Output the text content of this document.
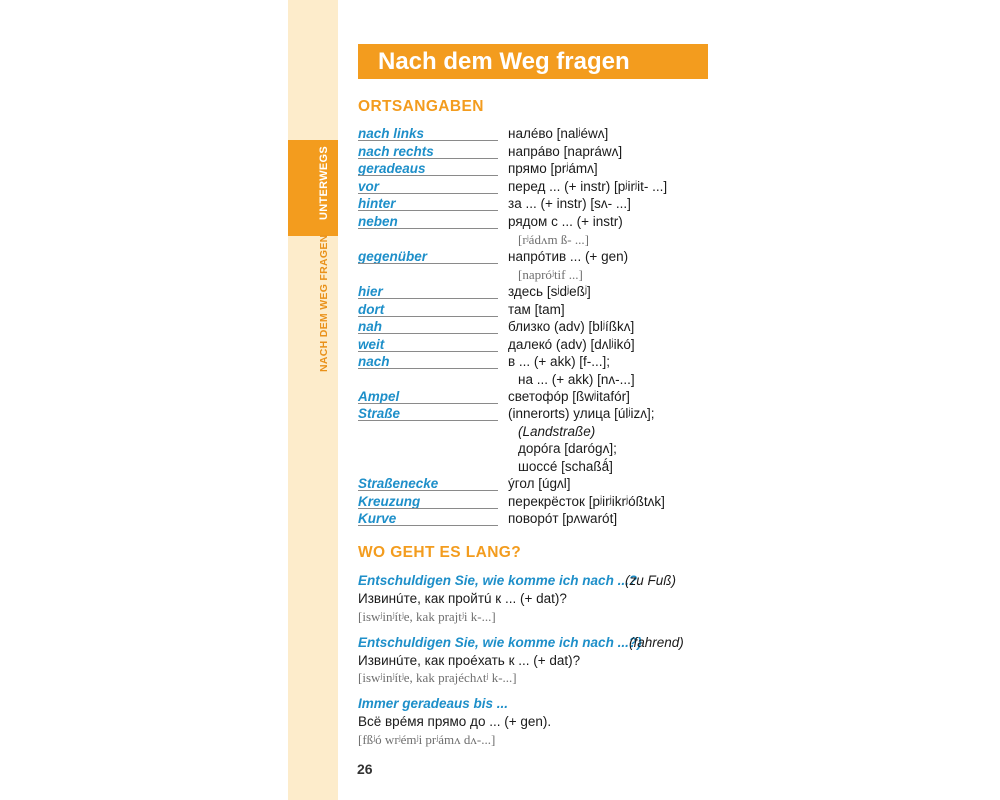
UNTERWEGS
NACH DEM WEG FRAGEN
Nach dem Weg fragen
ORTSANGABEN
nach links	налéво [nalʲéwʌ]
nach rechts	напрáво [napráwʌ]
geradeaus	прямо [prʲámʌ]
vor	перед ... (+ instr) [pʲirʲit- ...]
hinter	за ... (+ instr) [sʌ- ...]
neben	рядом с ... (+ instr)
[rʲádʌm ß- ...]
gegenüber	напрóтив ... (+ gen)
[napróʲtif ...]
hier	здесь [sʲdʲeßʲ]
dort	там [tam]
nah	близко (adv) [blʲíßkʌ]
weit	далекó (adv) [dʌlʲikó]
nach	в ... (+ akk) [f-...];
на ... (+ akk) [nʌ-...]
Ampel	светофóр [ßwʲitafór]
Straße	(innerorts) улица [úlʲizʌ];
(Landstraße)
дорóга [darógʌ];
шоссé [schaßǻ]
Straßenecke	ýгол [úgʌl]
Kreuzung	перекрёсток [pʲirʲikrʲóßtʌk]
Kurve	поворóт [pʌwarót]
WO GEHT ES LANG?
Entschuldigen Sie, wie komme ich nach ...?
(zu Fuß)
Извинúте, как пройтú к ... (+ dat)?
[iswʲinʲítʲe, kak prajtʲi k-...]
Entschuldigen Sie, wie komme ich nach ...?)
(fahrend)
Извинúте, как проéхать к ... (+ dat)?
[iswʲinʲítʲe, kak prajéchʌtʲ k-...]
Immer geradeaus bis ...
Всё врéмя прямо до ... (+ gen).
[fßʲó wrʲémʲi prʲámʌ dʌ-...]
26
